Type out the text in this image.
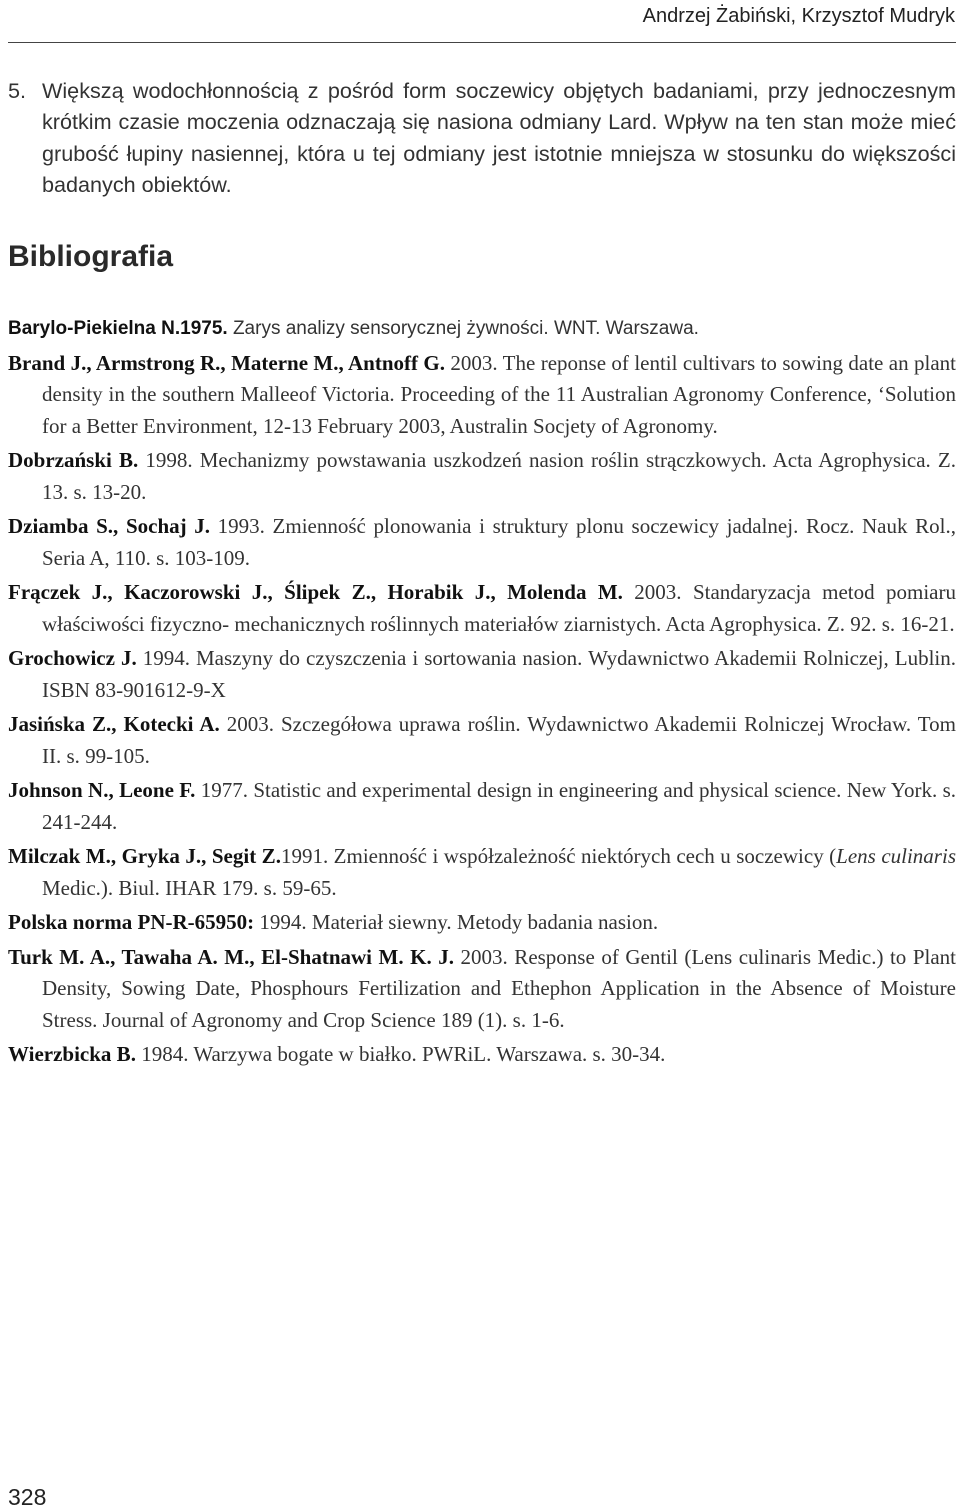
Andrzej Żabiński, Krzysztof Mudryk
5. Większą wodochłonnością z pośród form soczewicy objętych badaniami, przy jednoczesnym krótkim czasie moczenia odznaczają się nasiona odmiany Lard. Wpływ na ten stan może mieć grubość łupiny nasiennej, która u tej odmiany jest istotnie mniejsza w stosunku do większości badanych obiektów.
Bibliografia

Barylo-Piekielna N.1975. Zarys analizy sensorycznej żywności. WNT. Warszawa.

Brand J., Armstrong R., Materne M., Antnoff G. 2003. The reponse of lentil cultivars to sowing date an plant density in the southern Malleeof Victoria. Proceeding of the 11 Australian Agronomy Conference, ‘Solution for a Better Environment, 12-13 February 2003, Australin Socjety of Agronomy.

Dobrzański B. 1998. Mechanizmy powstawania uszkodzeń nasion roślin strączkowych. Acta Agrophysica. Z. 13. s. 13-20.

Dziamba S., Sochaj J. 1993. Zmienność plonowania i struktury plonu soczewicy jadalnej. Rocz. Nauk Rol., Seria A, 110. s. 103-109.

Frączek J., Kaczorowski J., Ślipek Z., Horabik J., Molenda M. 2003. Standaryzacja metod pomiaru właściwości fizyczno- mechanicznych roślinnych materiałów ziarnistych. Acta Agrophysica. Z. 92. s. 16-21.

Grochowicz J. 1994. Maszyny do czyszczenia i sortowania nasion. Wydawnictwo Akademii Rolniczej, Lublin. ISBN 83-901612-9-X

Jasińska Z., Kotecki A. 2003. Szczegółowa uprawa roślin. Wydawnictwo Akademii Rolniczej Wrocław. Tom II. s. 99-105.

Johnson N., Leone F. 1977. Statistic and experimental design in engineering and physical science. New York. s. 241-244.

Milczak M., Gryka J., Segit Z.1991. Zmienność i współzależność niektórych cech u soczewicy (Lens culinaris Medic.). Biul. IHAR 179. s. 59-65.

Polska norma PN-R-65950: 1994. Materiał siewny. Metody badania nasion.

Turk M. A., Tawaha A. M., El-Shatnawi M. K. J. 2003. Response of Gentil (Lens culinaris Medic.) to Plant Density, Sowing Date, Phosphours Fertilization and Ethephon Application in the Absence of Moisture Stress. Journal of Agronomy and Crop Science 189 (1). s. 1-6.

Wierzbicka B. 1984. Warzywa bogate w białko. PWRiL. Warszawa. s. 30-34.

328
